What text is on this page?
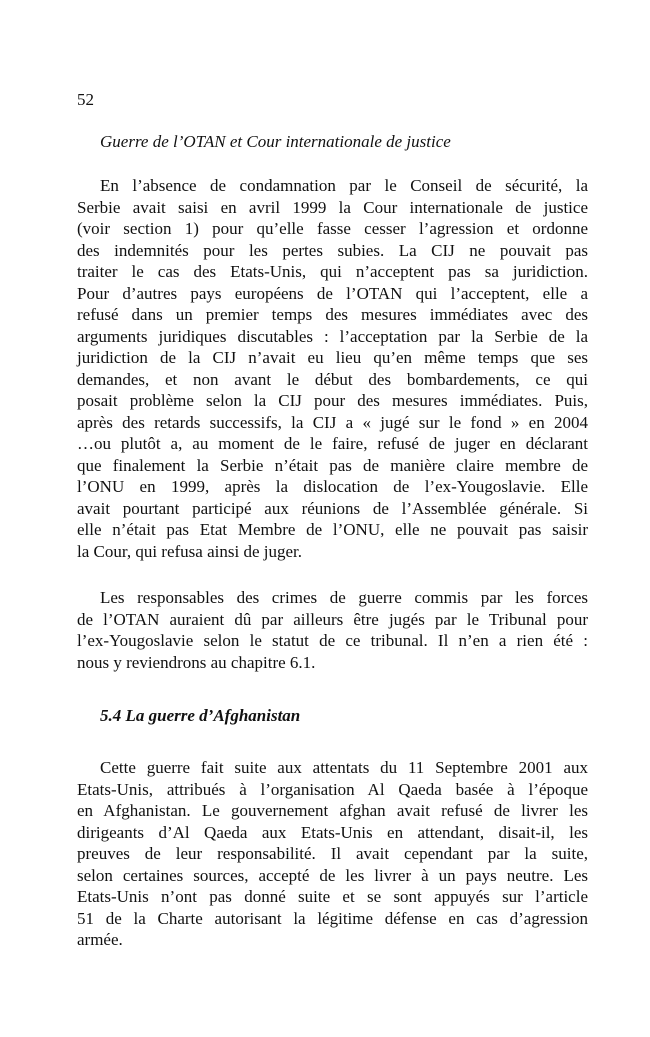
52
Guerre de l’OTAN et Cour internationale de justice
En l’absence de condamnation par le Conseil de sécurité, la
Serbie avait saisi en avril 1999 la Cour internationale de justice
(voir section 1) pour qu’elle fasse cesser l’agression et ordonne
des indemnités pour les pertes subies. La CIJ ne pouvait pas
traiter le cas des Etats-Unis, qui n’acceptent pas sa juridiction.
Pour d’autres pays européens de l’OTAN qui l’acceptent, elle a
refusé dans un premier temps des mesures immédiates avec des
arguments juridiques discutables : l’acceptation par la Serbie de la
juridiction de la CIJ n’avait eu lieu qu’en même temps que ses
demandes, et non avant le début des bombardements, ce qui
posait problème selon la CIJ pour des mesures immédiates. Puis,
après des retards successifs, la CIJ a « jugé sur le fond » en 2004
…ou plutôt a, au moment de le faire, refusé de juger en déclarant
que finalement la Serbie n’était pas de manière claire membre de
l’ONU en 1999, après la dislocation de l’ex-Yougoslavie. Elle
avait pourtant participé aux réunions de l’Assemblée générale. Si
elle n’était pas Etat Membre de l’ONU, elle ne pouvait pas saisir
la Cour, qui refusa ainsi de juger.
Les responsables des crimes de guerre commis par les forces
de l’OTAN auraient dû par ailleurs être jugés par le Tribunal pour
l’ex-Yougoslavie selon le statut de ce tribunal. Il n’en a rien été :
nous y reviendrons au chapitre 6.1.
5.4 La guerre d’Afghanistan
Cette guerre fait suite aux attentats du 11 Septembre 2001 aux
Etats-Unis, attribués à l’organisation Al Qaeda basée à l’époque
en Afghanistan. Le gouvernement afghan avait refusé de livrer les
dirigeants d’Al Qaeda aux Etats-Unis en attendant, disait-il, les
preuves de leur responsabilité. Il avait cependant par la suite,
selon certaines sources, accepté de les livrer à un pays neutre. Les
Etats-Unis n’ont pas donné suite et se sont appuyés sur l’article
51 de la Charte autorisant la légitime défense en cas d’agression
armée.
